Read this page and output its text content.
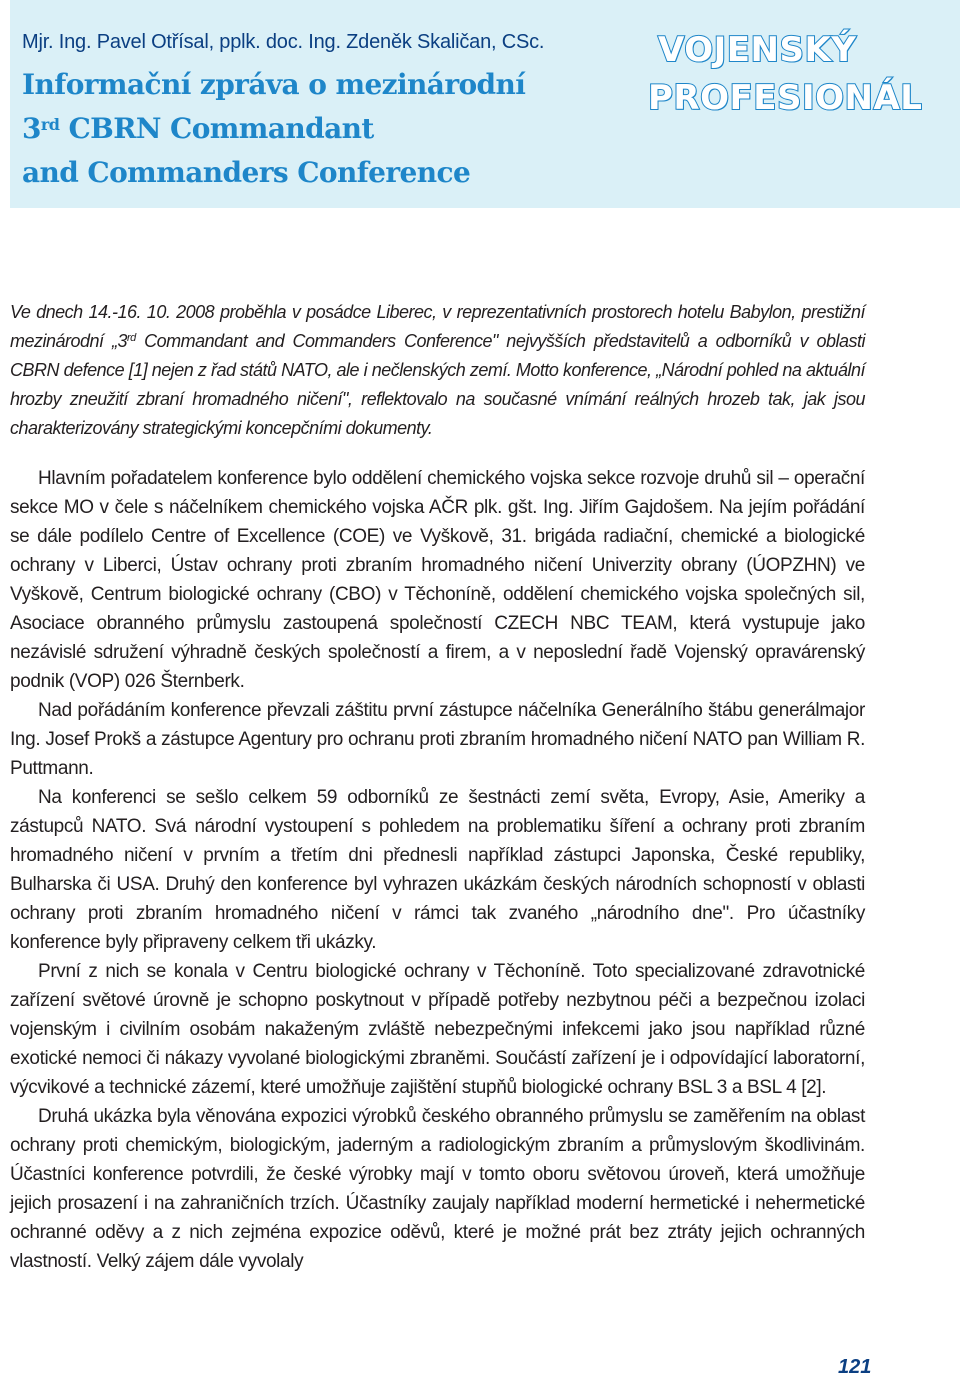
Mjr. Ing. Pavel Otřísal, pplk. doc. Ing. Zdeněk Skaličan, CSc.
Informační zpráva o mezinárodní
3rd CBRN Commandant
and Commanders Conference
VOJENSKÝ
PROFESIONÁL

Ve dnech 14.-16. 10. 2008 proběhla v posádce Liberec, v reprezentativních prostorech hotelu Babylon, prestižní mezinárodní „3rd Commandant and Commanders Conference" nejvyšších představitelů a odborníků v oblasti CBRN defence [1] nejen z řad států NATO, ale i nečlenských zemí. Motto konference, „Národní pohled na aktuální hrozby zneužití zbraní hromadného ničení", reflektovalo na současné vnímání reálných hrozeb tak, jak jsou charakterizovány strategickými koncepčními dokumenty.

Hlavním pořadatelem konference bylo oddělení chemického vojska sekce rozvoje druhů sil – operační sekce MO v čele s náčelníkem chemického vojska AČR plk. gšt. Ing. Jiřím Gajdošem. Na jejím pořádání se dále podílelo Centre of Excellence (COE) ve Vyškově, 31. brigáda radiační, chemické a biologické ochrany v Liberci, Ústav ochrany proti zbraním hromadného ničení Univerzity obrany (ÚOPZHN) ve Vyškově, Centrum biologické ochrany (CBO) v Těchoníně, oddělení chemického vojska společných sil, Asociace obranného průmyslu zastoupená společností CZECH NBC TEAM, která vystupuje jako nezávislé sdružení výhradně českých společností a firem, a v neposlední řadě Vojenský opravárenský podnik (VOP) 026 Šternberk.

Nad pořádáním konference převzali záštitu první zástupce náčelníka Generálního štábu generálmajor Ing. Josef Prokš a zástupce Agentury pro ochranu proti zbraním hromadného ničení NATO pan William R. Puttmann.

Na konferenci se sešlo celkem 59 odborníků ze šestnácti zemí světa, Evropy, Asie, Ameriky a zástupců NATO. Svá národní vystoupení s pohledem na problematiku šíření a ochrany proti zbraním hromadného ničení v prvním a třetím dni přednesli například zástupci Japonska, České republiky, Bulharska či USA. Druhý den konference byl vyhrazen ukázkám českých národních schopností v oblasti ochrany proti zbraním hromadného ničení v rámci tak zvaného „národního dne". Pro účastníky konference byly připraveny celkem tři ukázky.

První z nich se konala v Centru biologické ochrany v Těchoníně. Toto specializované zdravotnické zařízení světové úrovně je schopno poskytnout v případě potřeby nezbytnou péči a bezpečnou izolaci vojenským i civilním osobám nakaženým zvláště nebezpečnými infekcemi jako jsou například různé exotické nemoci či nákazy vyvolané biologickými zbraněmi. Součástí zařízení je i odpovídající laboratorní, výcvikové a technické zázemí, které umožňuje zajištění stupňů biologické ochrany BSL 3 a BSL 4 [2].

Druhá ukázka byla věnována expozici výrobků českého obranného průmyslu se zaměřením na oblast ochrany proti chemickým, biologickým, jaderným a radiologickým zbraním a průmyslovým škodlivinám. Účastníci konference potvrdili, že české výrobky mají v tomto oboru světovou úroveň, která umožňuje jejich prosazení i na zahraničních trzích. Účastníky zaujaly například moderní hermetické i nehermetické ochranné oděvy a z nich zejména expozice oděvů, které je možné prát bez ztráty jejich ochranných vlastností. Velký zájem dále vyvolaly

121
